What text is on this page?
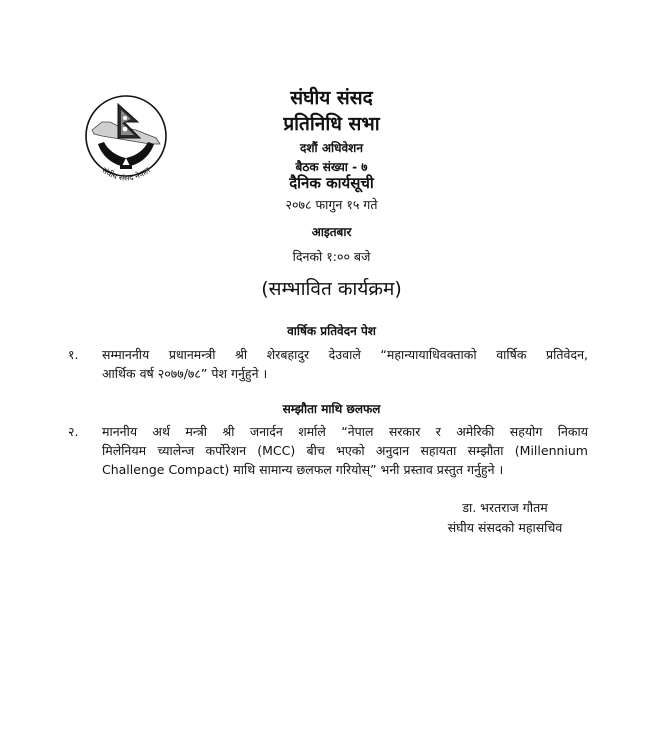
संघीय संसद नेपाल
संघीय संसद
प्रतिनिधि सभा
दशौं अधिवेशन
बैठक संख्या - ७
दैनिक कार्यसूची
२०७८ फागुन १५ गते
आइतबार
दिनको १:०० बजे
(सम्भावित कार्यक्रम)
वार्षिक प्रतिवेदन पेश
१. सम्माननीय प्रधानमन्त्री श्री शेरबहादुर देउवाले “महान्यायाधिवक्ताको वार्षिक प्रतिवेदन,
आर्थिक वर्ष २०७७/७८” पेश गर्नुहुने ।
सम्झौता माथि छलफल
२. माननीय अर्थ मन्त्री श्री जनार्दन शर्माले “नेपाल सरकार र अमेरिकी सहयोग निकाय
मिलेनियम च्यालेन्ज कर्पोरेशन (MCC) बीच भएको अनुदान सहायता सम्झौता (Millennium
Challenge Compact) माथि सामान्य छलफल गरियोस्” भनी प्रस्ताव प्रस्तुत गर्नुहुने ।
डा. भरतराज गौतम
संघीय संसदको महासचिव
